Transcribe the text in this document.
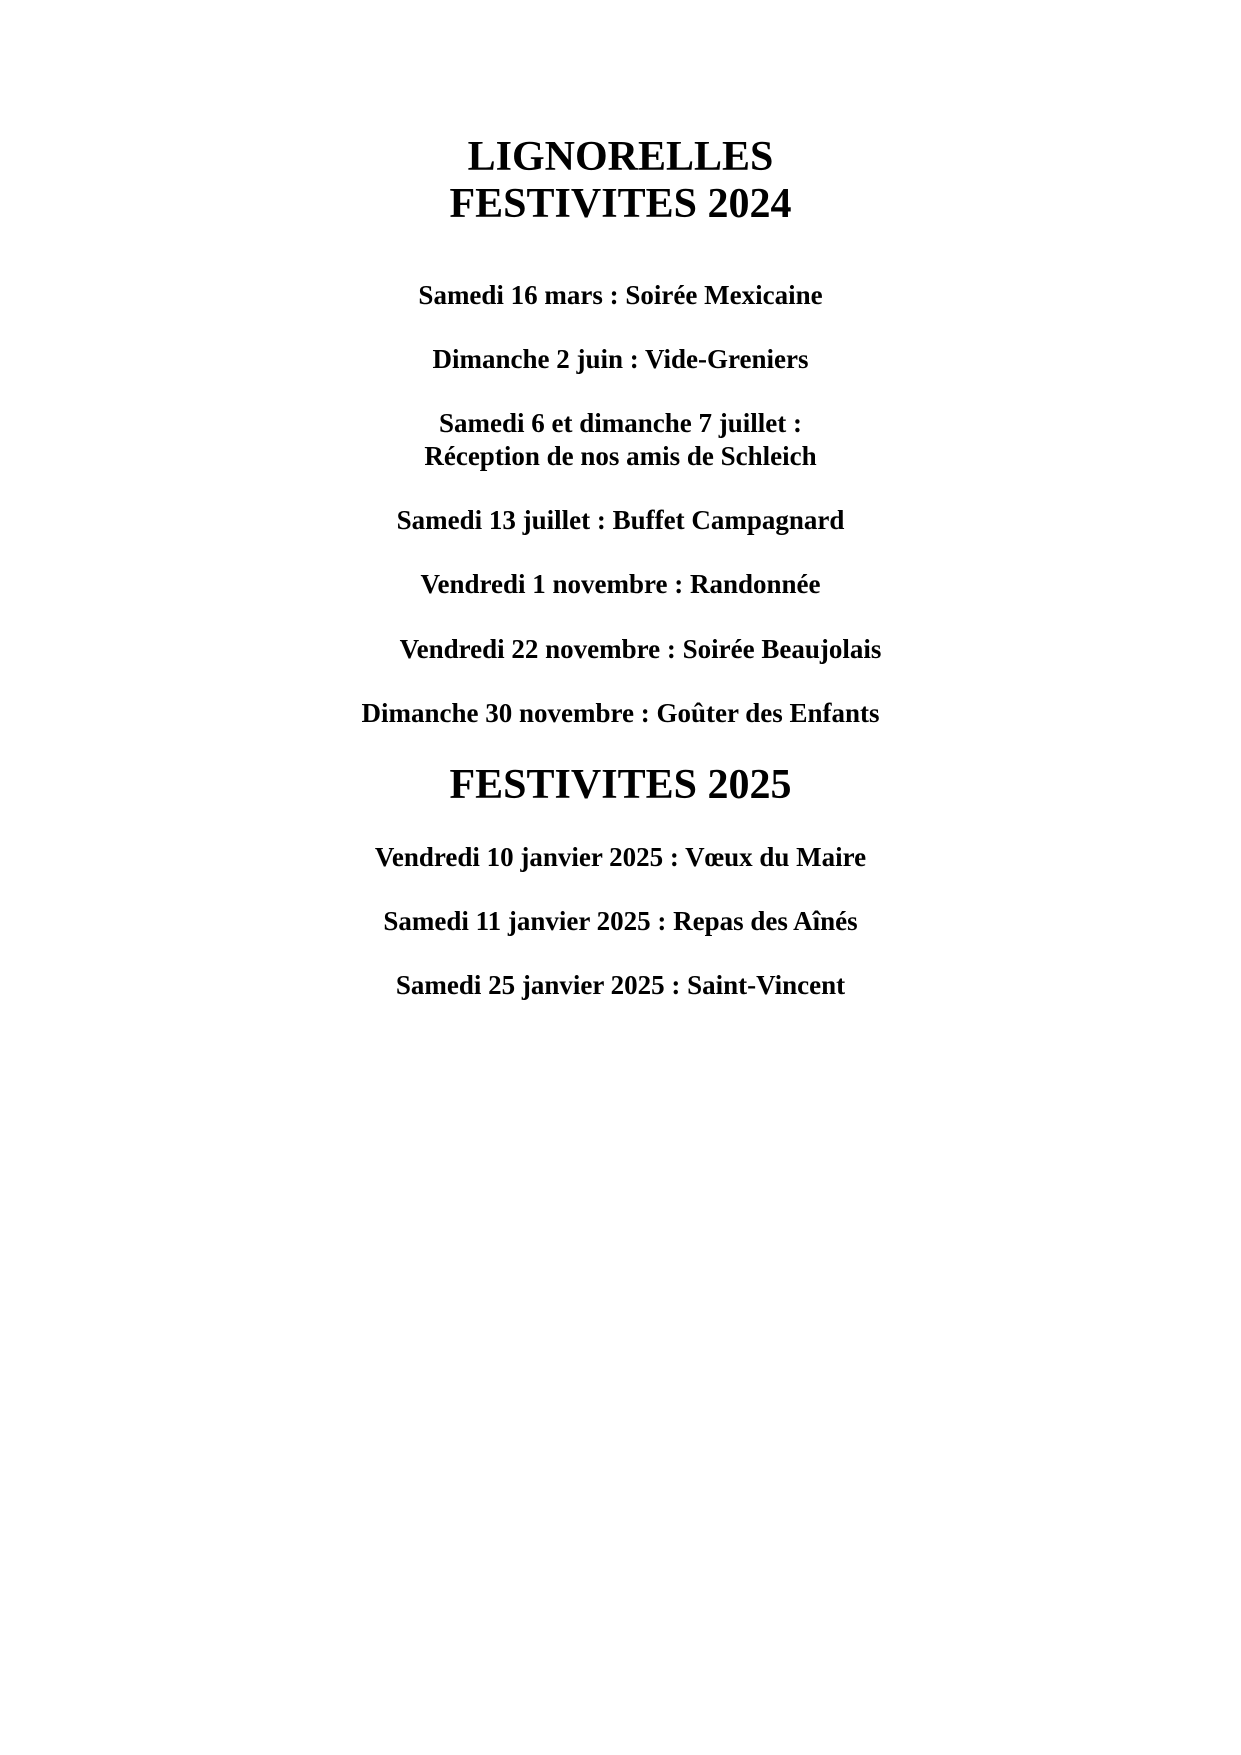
LIGNORELLES
FESTIVITES 2024

Samedi 16 mars : Soirée Mexicaine

Dimanche 2 juin : Vide-Greniers

Samedi 6 et dimanche 7 juillet :

Réception de nos amis de Schleich

Samedi 13 juillet : Buffet Campagnard

Vendredi 1 novembre : Randonnée

Vendredi 22 novembre : Soirée Beaujolais

Dimanche 30 novembre : Goûter des Enfants

FESTIVITES 2025

Vendredi 10 janvier 2025 : Vœux du Maire

Samedi 11 janvier 2025 : Repas des Aînés

Samedi 25 janvier 2025 : Saint-Vincent
